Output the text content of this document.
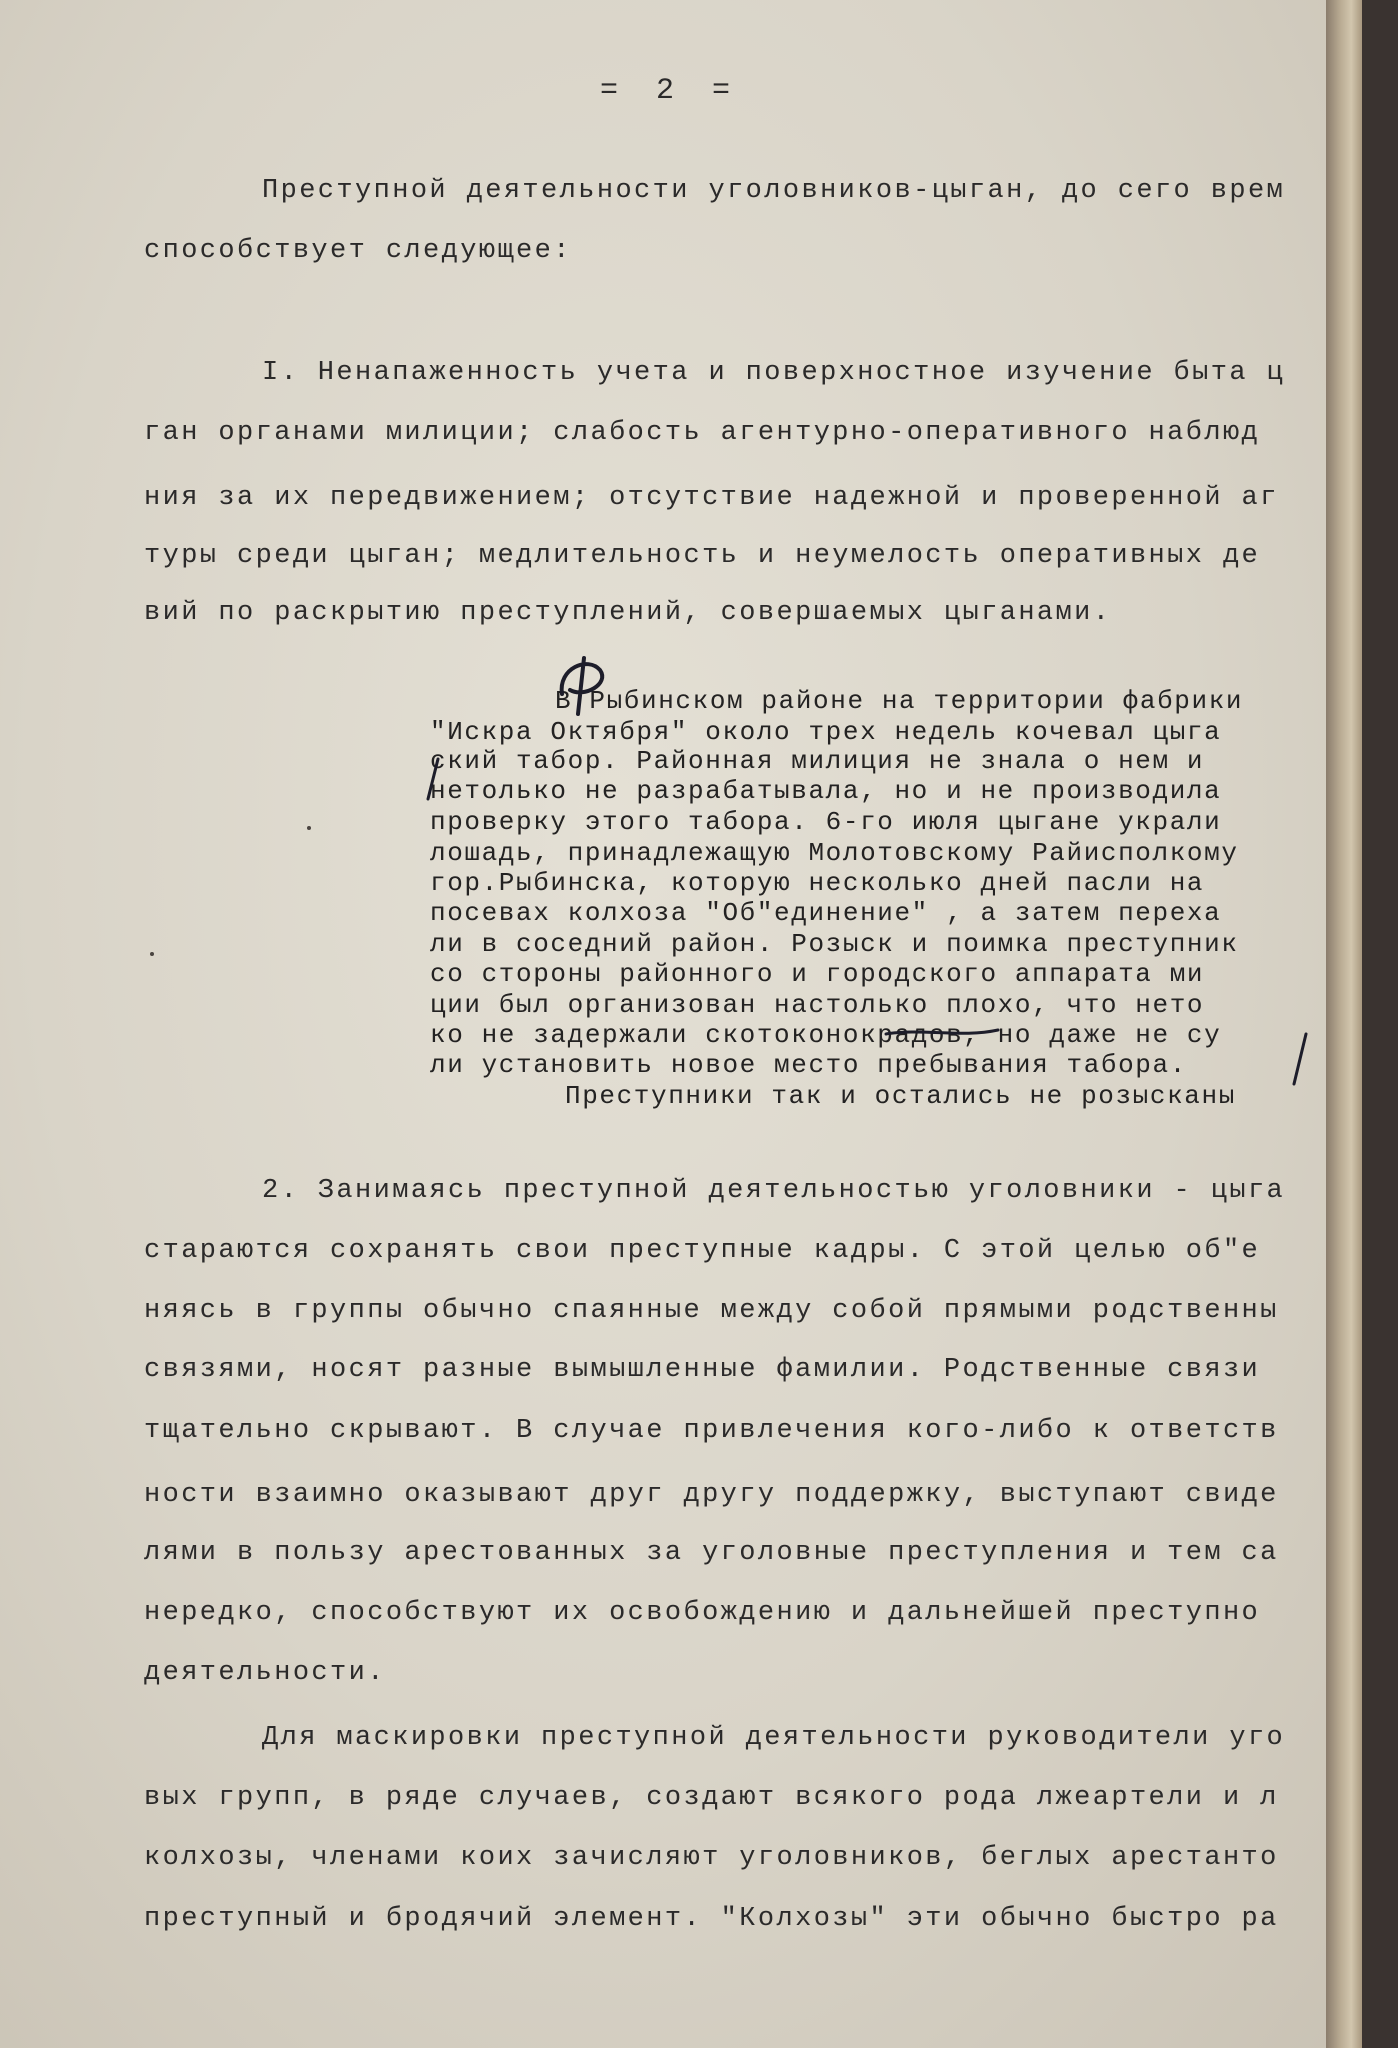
= 2 =
Преступной деятельности уголовников-цыган, до сего врем
способствует следующее:
I. Ненапаженность учета и поверхностное изучение быта ц
ган органами милиции; слабость агентурно-оперативного наблюд
ния за их передвижением; отсутствие надежной и проверенной аг
туры среди цыган; медлительность и неумелость оперативных де
вий по раскрытию преступлений, совершаемых цыганами.
В Рыбинском районе на территории фабрики
"Искра Октября" около трех недель кочевал цыга
ский табор. Районная милиция не знала о нем и
нетолько не разрабатывала, но и не производила
проверку этого табора. 6-го июля цыгане украли
лошадь, принадлежащую Молотовскому Райисполкому
гор.Рыбинска, которую несколько дней пасли на
посевах колхоза "Об"единение" , а затем переха
ли в соседний район. Розыск и поимка преступник
со стороны районного и городского аппарата ми
ции был организован настолько плохо, что нето
ко не задержали скотоконокрадов, но даже не су
ли установить новое место пребывания табора.
Преступники так и остались не розысканы
2. Занимаясь преступной деятельностью уголовники - цыга
стараются сохранять свои преступные кадры. С этой целью об"е
няясь в группы обычно спаянные между собой прямыми родственны
связями, носят разные вымышленные фамилии. Родственные связи
тщательно скрывают. В случае привлечения кого-либо к ответств
ности взаимно оказывают друг другу поддержку, выступают свиде
лями в пользу арестованных за уголовные преступления и тем са
нередко, способствуют их освобождению и дальнейшей преступно
деятельности.
Для маскировки преступной деятельности руководители уго
вых групп, в ряде случаев, создают всякого рода лжеартели и л
колхозы, членами коих зачисляют уголовников, беглых арестанто
преступный и бродячий элемент. "Колхозы" эти обычно быстро ра
